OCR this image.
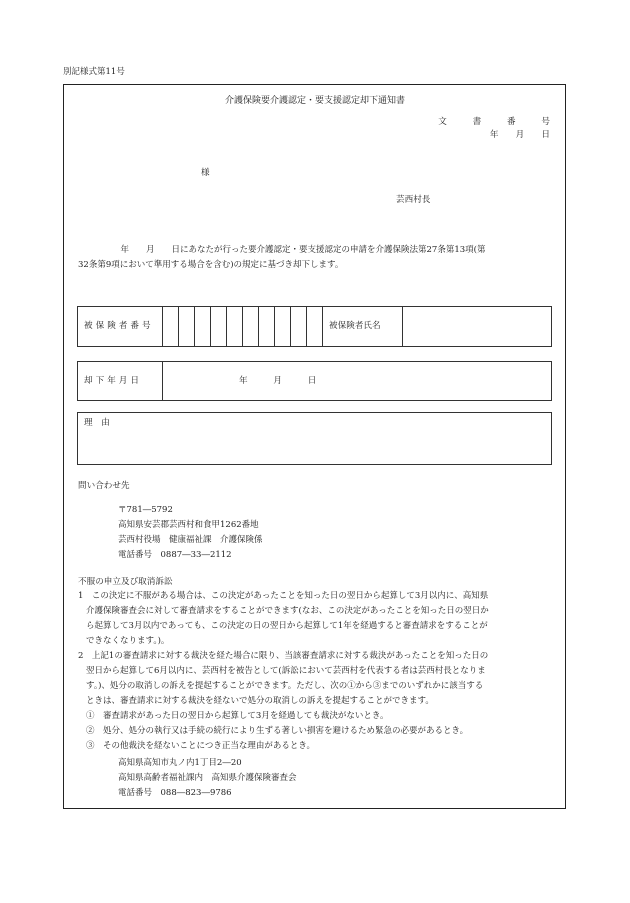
別記様式第11号
介護保険要介護認定・要支援認定却下通知書
文　　　書　　　番　　　号
年　　月　　日
様
芸西村長
　　　　　年　　月　　日にあなたが行った要介護認定・要支援認定の申請を介護保険法第27条第13項(第
32条第9項において準用する場合を含む)の規定に基づき却下します。
被保険者番号	被保険者氏名
却下年月日	年　　　月　　　日
理　由
問い合わせ先
〒781―5792
高知県安芸郡芸西村和食甲1262番地
芸西村役場　健康福祉課　介護保険係
電話番号　0887―33―2112
不服の申立及び取消訴訟
1　この決定に不服がある場合は、この決定があったことを知った日の翌日から起算して3月以内に、高知県
介護保険審査会に対して審査請求をすることができます(なお、この決定があったことを知った日の翌日か
ら起算して3月以内であっても、この決定の日の翌日から起算して1年を経過すると審査請求をすることが
できなくなります。)。
2　上記1の審査請求に対する裁決を経た場合に限り、当該審査請求に対する裁決があったことを知った日の
翌日から起算して6月以内に、芸西村を被告として(訴訟において芸西村を代表する者は芸西村長となりま
す。)、処分の取消しの訴えを提起することができます。ただし、次の①から③までのいずれかに該当する
ときは、審査請求に対する裁決を経ないで処分の取消しの訴えを提起することができます。
①　審査請求があった日の翌日から起算して3月を経過しても裁決がないとき。
②　処分、処分の執行又は手続の続行により生ずる著しい損害を避けるため緊急の必要があるとき。
③　その他裁決を経ないことにつき正当な理由があるとき。
高知県高知市丸ノ内1丁目2―20
高知県高齢者福祉課内　高知県介護保険審査会
電話番号　088―823―9786
